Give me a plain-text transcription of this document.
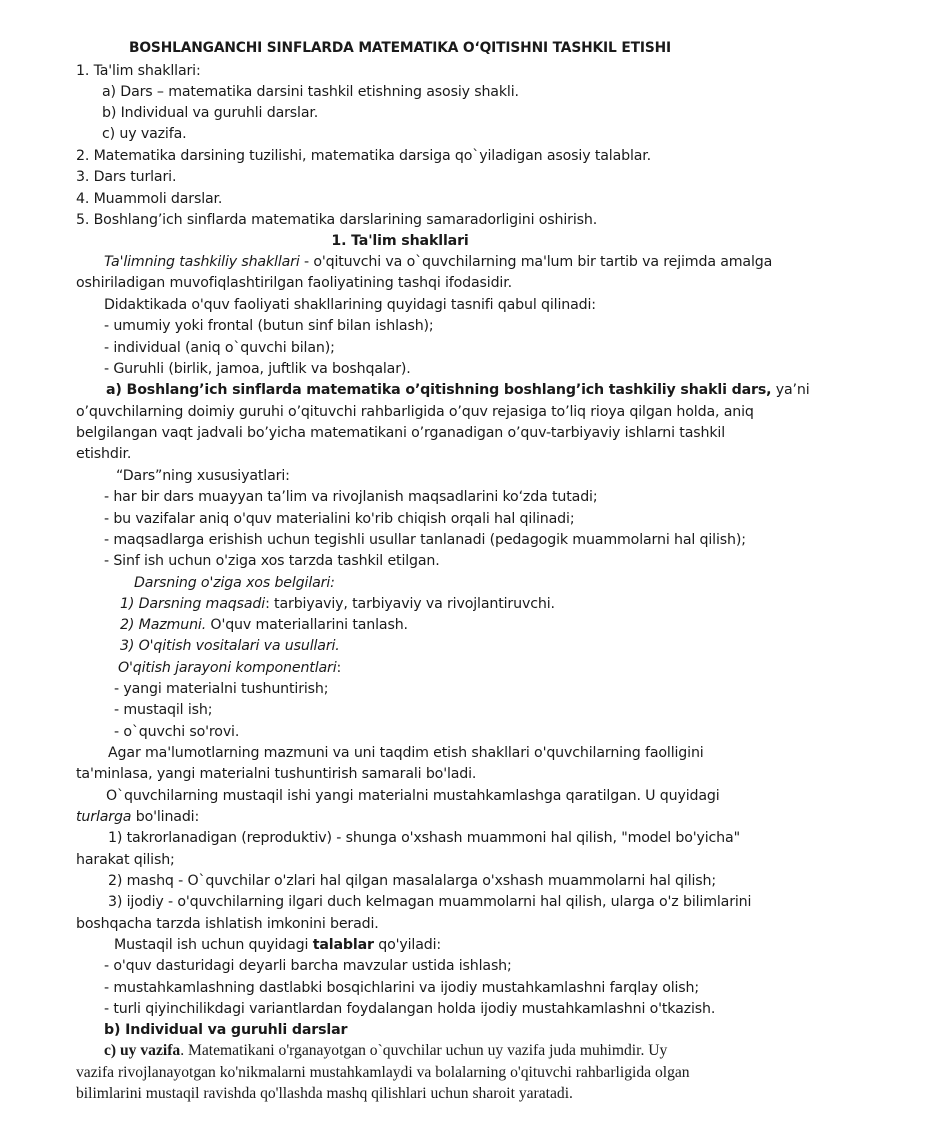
BOSHLANGANCHI SINFLARDA MATEMATIKA O‘QITISHNI TASHKIL ETISHI

1. Ta'lim shakllari:

a) Dars – matematika darsini tashkil etishning asosiy shakli.

b) Individual va guruhli darslar.

c) uy vazifa.

2. Matematika darsining tuzilishi, matematika darsiga qo`yiladigan asosiy talablar.

3. Dars turlari.

4. Muammoli darslar.

5. Boshlang’ich sinflarda matematika darslarining samaradorligini oshirish.

1. Ta'lim shakllari

Ta'limning tashkiliy shakllari - o'qituvchi va o`quvchilarning ma'lum bir tartib va rejimda amalga

oshiriladigan muvofiqlashtirilgan faoliyatining tashqi ifodasidir.

Didaktikada o'quv faoliyati shakllarining quyidagi tasnifi qabul qilinadi:

- umumiy yoki frontal (butun sinf bilan ishlash);

- individual (aniq o`quvchi bilan);

- Guruhli (birlik, jamoa, juftlik va boshqalar).

a) Boshlang’ich sinflarda matematika o’qitishning boshlang’ich tashkiliy shakli dars, ya’ni

o’quvchilarning doimiy guruhi o’qituvchi rahbarligida o’quv rejasiga to’liq rioya qilgan holda, aniq

belgilangan vaqt jadvali bo’yicha matematikani o’rganadigan o’quv-tarbiyaviy ishlarni tashkil

etishdir.

“Dars”ning xususiyatlari:

- har bir dars muayyan ta’lim va rivojlanish maqsadlarini ko‘zda tutadi;

- bu vazifalar aniq o'quv materialini ko'rib chiqish orqali hal qilinadi;

- maqsadlarga erishish uchun tegishli usullar tanlanadi (pedagogik muammolarni hal qilish);

- Sinf ish uchun o'ziga xos tarzda tashkil etilgan.

Darsning o'ziga xos belgilari:

1) Darsning maqsadi: tarbiyaviy, tarbiyaviy va rivojlantiruvchi.

2) Mazmuni. O'quv materiallarini tanlash.

3) O'qitish vositalari va usullari.

O'qitish jarayoni komponentlari:

- yangi materialni tushuntirish;

- mustaqil ish;

- o`quvchi so'rovi.

Agar ma'lumotlarning mazmuni va uni taqdim etish shakllari o'quvchilarning faolligini

ta'minlasa, yangi materialni tushuntirish samarali bo'ladi.

O`quvchilarning mustaqil ishi yangi materialni mustahkamlashga qaratilgan. U quyidagi

turlarga bo'linadi:

1) takrorlanadigan (reproduktiv) - shunga o'xshash muammoni hal qilish, "model bo'yicha"

harakat qilish;

2) mashq - O`quvchilar o'zlari hal qilgan masalalarga o'xshash muammolarni hal qilish;

3) ijodiy - o'quvchilarning ilgari duch kelmagan muammolarni hal qilish, ularga o'z bilimlarini

boshqacha tarzda ishlatish imkonini beradi.

Mustaqil ish uchun quyidagi talablar qo'yiladi:

- o'quv dasturidagi deyarli barcha mavzular ustida ishlash;

- mustahkamlashning dastlabki bosqichlarini va ijodiy mustahkamlashni farqlay olish;

- turli qiyinchilikdagi variantlardan foydalangan holda ijodiy mustahkamlashni o'tkazish.

b) Individual va guruhli darslar

c) uy vazifa. Matematikani o'rganayotgan o`quvchilar uchun uy vazifa juda muhimdir. Uy

vazifa rivojlanayotgan ko'nikmalarni mustahkamlaydi va bolalarning o'qituvchi rahbarligida olgan

bilimlarini mustaqil ravishda qo'llashda mashq qilishlari uchun sharoit yaratadi.
